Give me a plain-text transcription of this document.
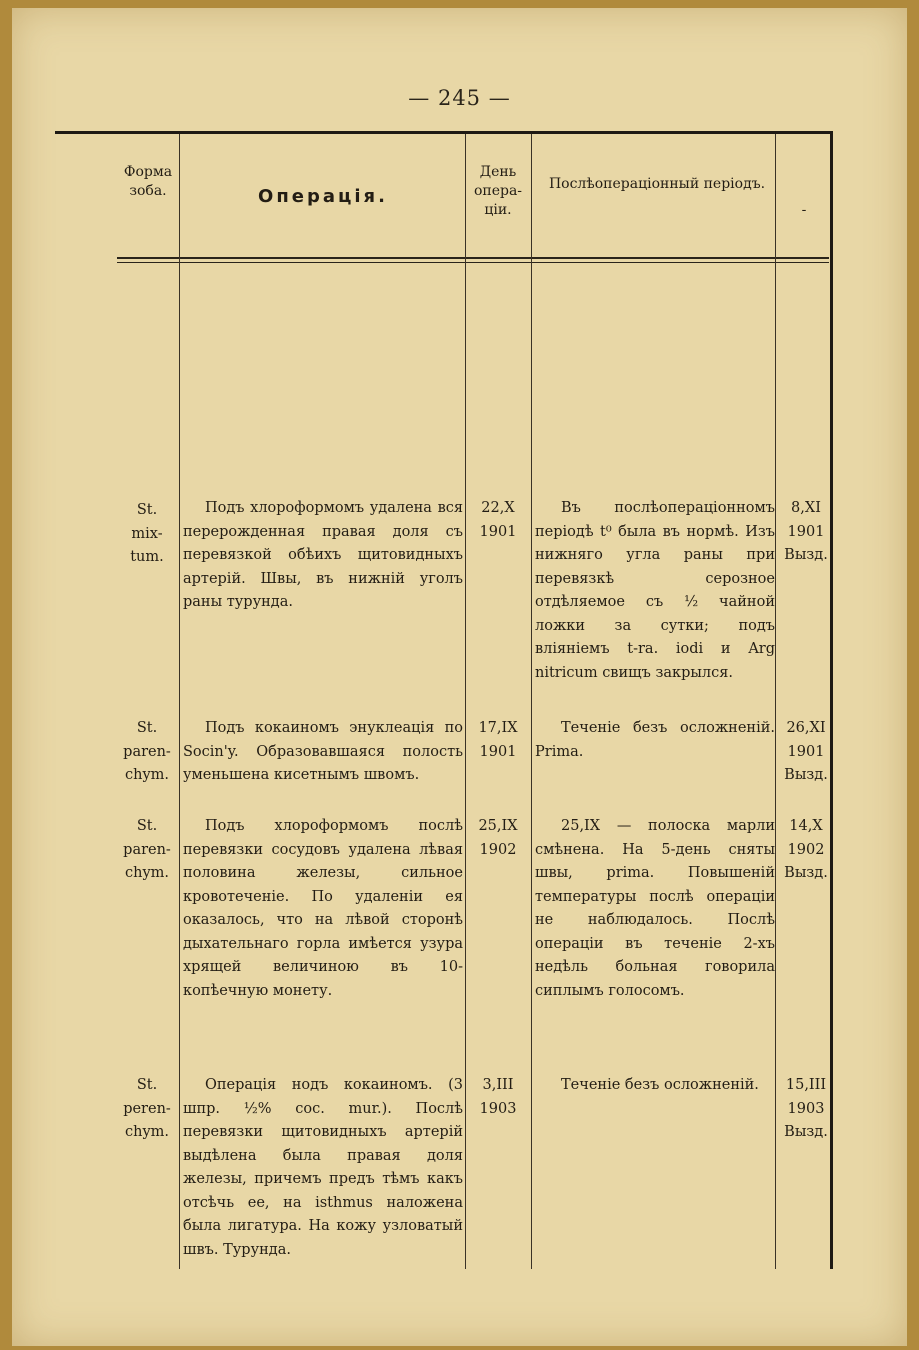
— 245 —
Форма зоба.	Операцiя.
День опера-цiи.
Послѣоперацiонный перiодъ.
-
St. mix-tum.
Подъ хлороформомъ удалена вся перерожденная правая доля съ перевязкой обѣихъ щитовидныхъ артерiй. Швы, въ нижнiй уголъ раны турунда.
22,X 1901
Въ послѣоперацiонномъ перiодѣ t⁰ была въ нормѣ. Изъ нижняго угла раны при перевязкѣ серозное отдѣляемое съ ½ чайной ложки за сутки; подъ влiянiемъ t-ra. iodi и Arg nitricum свищъ закрылся.
8,XI 1901 Вызд.
St. paren-chym.
Подъ кокаиномъ энуклеацiя по Socin'y. Образовавшаяся полость уменьшена кисетнымъ швомъ.
17,IX 1901
Теченiе безъ осложненiй. Prima.
26,XI 1901 Вызд.
St. paren-chym.
Подъ хлороформомъ послѣ перевязки сосудовъ удалена лѣвая половина железы, сильное кровотеченiе. По удаленiи ея оказалось, что на лѣвой сторонѣ дыхательнаго горла имѣется узура хрящей величиною въ 10-копѣечную монету.
25,IX 1902
25,IX — полоска марли смѣнена. На 5-день сняты швы, prima. Повышенiй температуры послѣ операцiи не наблюдалось. Послѣ операцiи въ теченiе 2-хъ недѣль больная говорила сиплымъ голосомъ.
14,X 1902 Вызд.
St. peren-chym.
Операцiя нодъ кокаиномъ. (3 шпр. ½% coc. mur.). Послѣ перевязки щитовидныхъ артерiй выдѣлена была правая доля железы, причемъ предъ тѣмъ какъ отсѣчь ее, на isthmus наложена была лигатура. На кожу узловатый швъ. Турунда.
3,III 1903
Теченiе безъ осложненiй.	15,III 1903 Вызд.
